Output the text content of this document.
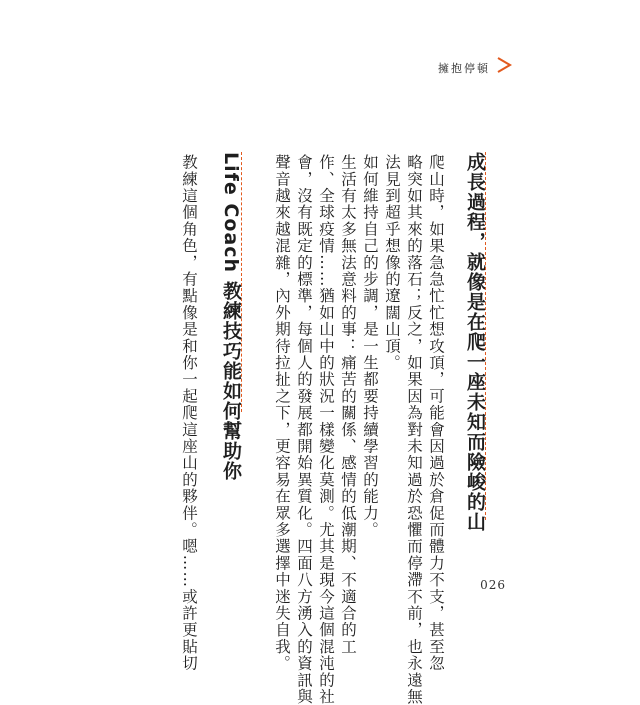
擁抱停頓
成長過程，就像是在爬一座未知而險峻的山
爬山時，如果急急忙忙想攻頂，可能會因過於倉促而體力不支，甚至忽
略突如其來的落石；反之，如果因為對未知過於恐懼而停滯不前，也永遠無
法見到超乎想像的遼闊山頂。
如何維持自己的步調，是一生都要持續學習的能力。
生活有太多無法意料的事：痛苦的關係、感情的低潮期、不適合的工
作、全球疫情……猶如山中的狀況一樣變化莫測。尤其是現今這個混沌的社
會，沒有既定的標準，每個人的發展都開始異質化。四面八方湧入的資訊與
聲音越來越混雜，內外期待拉扯之下，更容易在眾多選擇中迷失自我。
Life Coach 教練技巧能如何幫助你
教練這個角色，有點像是和你一起爬這座山的夥伴。嗯……或許更貼切	026
